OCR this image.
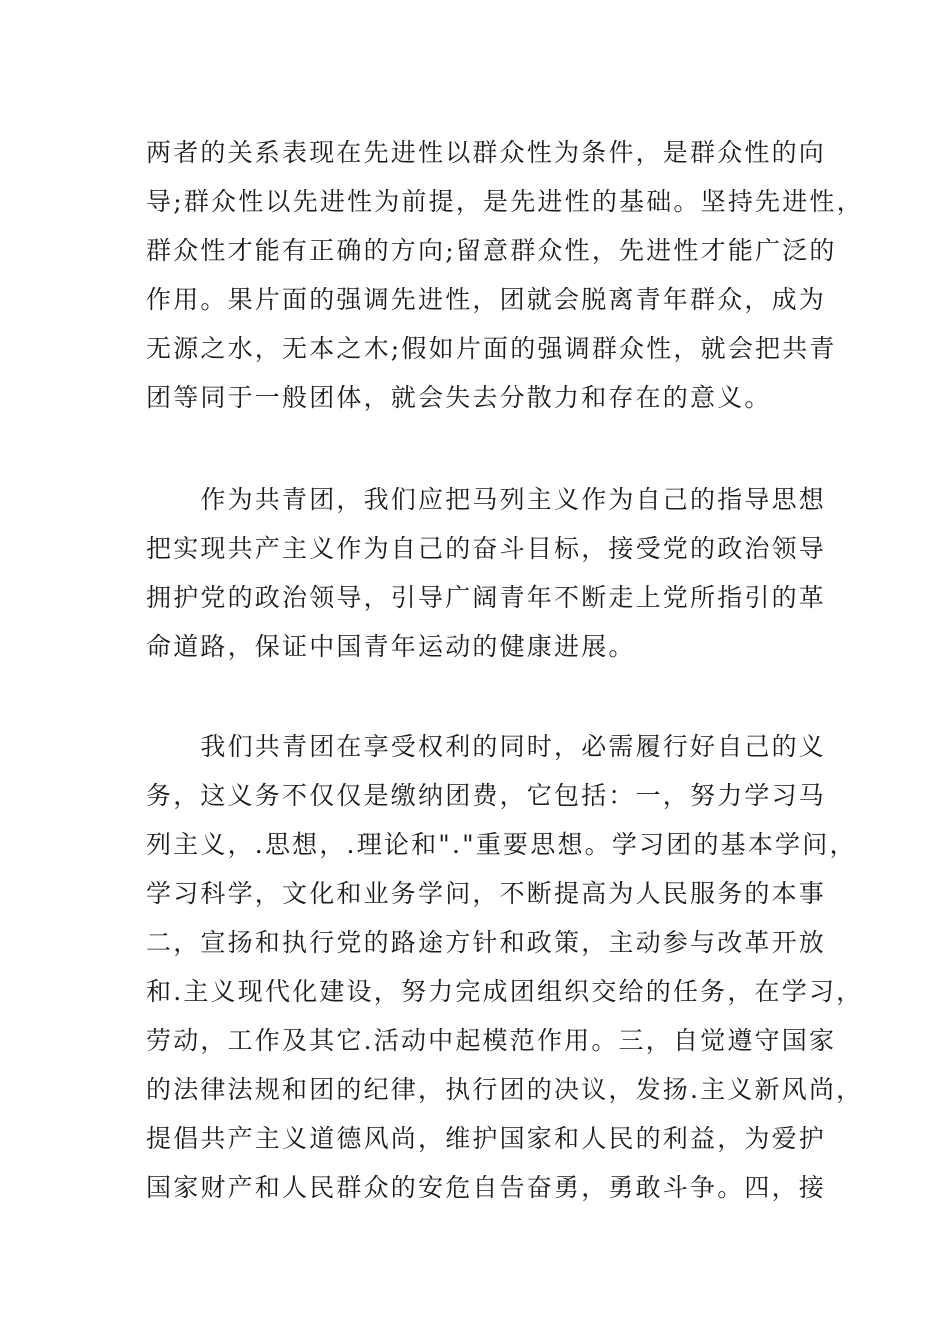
两者的关系表现在先进性以群众性为条件，是群众性的向
导;群众性以先进性为前提，是先进性的基础。坚持先进性，
群众性才能有正确的方向;留意群众性，先进性才能广泛的
作用。果片面的强调先进性，团就会脱离青年群众，成为
无源之水，无本之木;假如片面的强调群众性，就会把共青
团等同于一般团体，就会失去分散力和存在的意义。
　　作为共青团，我们应把马列主义作为自己的指导思想
把实现共产主义作为自己的奋斗目标，接受党的政治领导
拥护党的政治领导，引导广阔青年不断走上党所指引的革
命道路，保证中国青年运动的健康进展。
　　我们共青团在享受权利的同时，必需履行好自己的义
务，这义务不仅仅是缴纳团费，它包括：一，努力学习马
列主义，.思想，.理论和"."重要思想。学习团的基本学问，
学习科学，文化和业务学问，不断提高为人民服务的本事
二，宣扬和执行党的路途方针和政策，主动参与改革开放
和.主义现代化建设，努力完成团组织交给的任务，在学习，
劳动，工作及其它.活动中起模范作用。三，自觉遵守国家
的法律法规和团的纪律，执行团的决议，发扬.主义新风尚，
提倡共产主义道德风尚，维护国家和人民的利益，为爱护
国家财产和人民群众的安危自告奋勇，勇敢斗争。四，接
